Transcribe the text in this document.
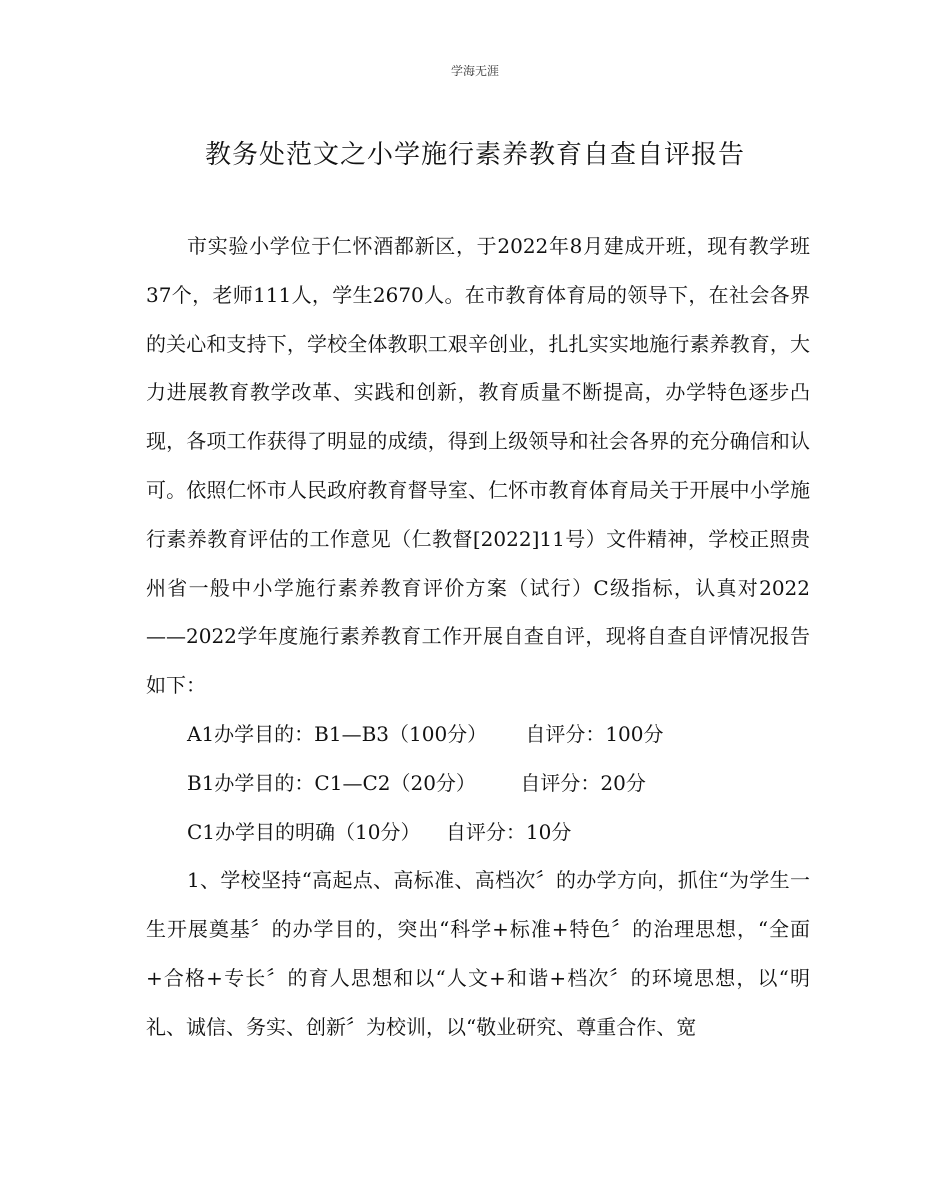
学海无涯
教务处范文之小学施行素养教育自查自评报告

市实验小学位于仁怀酒都新区，于2022年8月建成开班，现有教学班37个，老师111人，学生2670人。在市教育体育局的领导下，在社会各界的关心和支持下，学校全体教职工艰辛创业，扎扎实实地施行素养教育，大力进展教育教学改革、实践和创新，教育质量不断提高，办学特色逐步凸现，各项工作获得了明显的成绩，得到上级领导和社会各界的充分确信和认可。依照仁怀市人民政府教育督导室、仁怀市教育体育局关于开展中小学施行素养教育评估的工作意见（仁教督[2022]11号）文件精神，学校正照贵州省一般中小学施行素养教育评价方案（试行）C级指标，认真对2022——2022学年度施行素养教育工作开展自查自评，现将自查自评情况报告如下：

A1办学目的：B1—B3（100分）      自评分：100分

B1办学目的：C1—C2（20分）       自评分：20分

C1办学目的明确（10分）    自评分：10分

1、学校坚持“高起点、高标准、高档次〞的办学方向，抓住“为学生一生开展奠基〞的办学目的，突出“科学+标准+特色〞的治理思想，“全面+合格+专长〞的育人思想和以“人文+和谐+档次〞的环境思想，以“明礼、诚信、务实、创新〞为校训，以“敬业研究、尊重合作、宽
